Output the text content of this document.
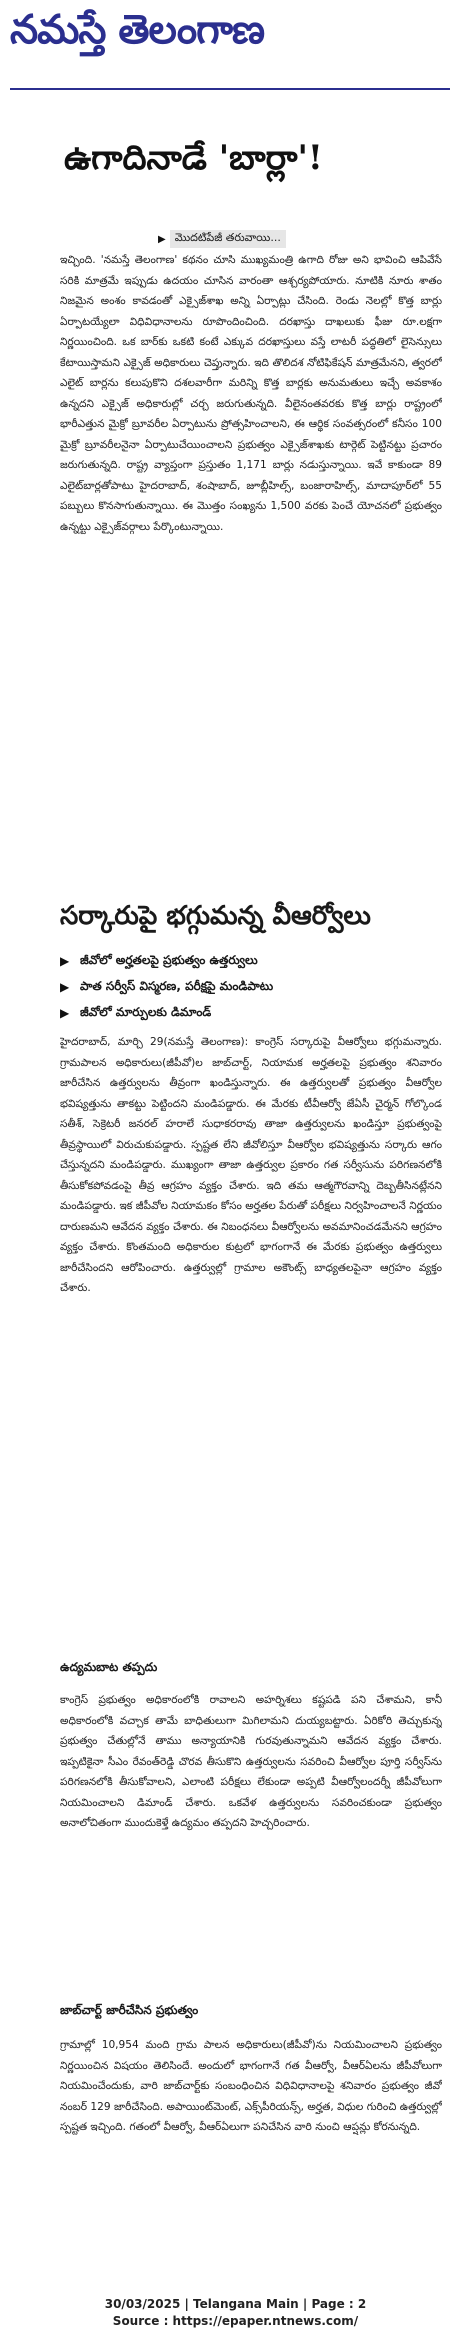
నమస్తే తెలంగాణ
ఉగాదినాడే 'బార్లా'!
▶ మొదటిపేజీ తరువాయి...
ఇచ్చింది. 'నమస్తే తెలంగాణ' కథనం చూసి ముఖ్యమంత్రి ఉగాది రోజు అని భావించి ఆపివేసే సరికి మాత్రమే ఇప్పుడు ఉదయం చూసిన వారంతా ఆశ్చర్యపోయారు. నూటికి నూరు శాతం నిజమైన అంశం కావడంతో ఎక్సైజ్‌శాఖ అన్ని ఏర్పాట్లు చేసింది. రెండు నెలల్లో కొత్త బార్లు ఏర్పాటయ్యేలా విధివిధానాలను రూపొందించింది. దరఖాస్తు దాఖలుకు ఫీజు రూ.లక్షగా నిర్ణయించింది. ఒక బార్‌కు ఒకటి కంటే ఎక్కువ దరఖాస్తులు వస్తే లాటరీ పద్ధతిలో లైసెన్సులు కేటాయిస్తామని ఎక్సైజ్ అధికారులు చెప్తున్నారు. ఇది తొలిదశ నోటిఫికేషన్ మాత్రమేనని, త్వరలో ఎలైట్ బార్లను కలుపుకొని దశలవారీగా మరిన్ని కొత్త బార్లకు అనుమతులు ఇచ్చే అవకాశం ఉన్నదని ఎక్సైజ్ అధికారుల్లో చర్చ జరుగుతున్నది. వీలైనంతవరకు కొత్త బార్లు రాష్ట్రంలో భారీఎత్తున మైక్రో బ్రూవరీల ఏర్పాటును ప్రోత్సహించాలని, ఈ ఆర్థిక సంవత్సరంలో కనీసం 100 మైక్రో బ్రూవరీలనైనా ఏర్పాటుచేయించాలని ప్రభుత్వం ఎక్సైజ్‌శాఖకు టార్గెట్ పెట్టినట్టు ప్రచారం జరుగుతున్నది. రాష్ట్ర వ్యాప్తంగా ప్రస్తుతం 1,171 బార్లు నడుస్తున్నాయి. ఇవే కాకుండా 89 ఎలైట్‌బార్లతోపాటు హైదరాబాద్, శంషాబాద్, జూబ్లీహిల్స్, బంజారాహిల్స్, మాదాపూర్‌లో 55 పబ్బులు కొనసాగుతున్నాయి. ఈ మొత్తం సంఖ్యను 1,500 వరకు పెంచే యోచనలో ప్రభుత్వం ఉన్నట్టు ఎక్సైజ్‌వర్గాలు పేర్కొంటున్నాయి.
సర్కారుపై భగ్గుమన్న వీఆర్వోలు
▶ జీవోలో అర్హతలపై ప్రభుత్వం ఉత్తర్వులు
▶ పాత సర్వీస్ విస్మరణ, పరీక్షపై మండిపాటు
▶ జీవోలో మార్పులకు డిమాండ్
హైదరాబాద్, మార్చి 29(నమస్తే తెలంగాణ): కాంగ్రెస్ సర్కారుపై వీఆర్వోలు భగ్గుమన్నారు. గ్రామపాలన అధికారులు(జీపీవో)ల జాబ్‌చార్ట్, నియామక అర్హతలపై ప్రభుత్వం శనివారం జారీచేసిన ఉత్తర్వులను తీవ్రంగా ఖండిస్తున్నారు. ఈ ఉత్తర్వులతో ప్రభుత్వం వీఆర్వోల భవిష్యత్తును తాకట్టు పెట్టిందని మండిపడ్డారు. ఈ మేరకు టీవీఆర్వో జేఏసీ చైర్మన్ గోల్కొండ సతీశ్, సెక్రెటరీ జనరల్ హరాలే సుధాకరరావు తాజా ఉత్తర్వులను ఖండిస్తూ ప్రభుత్వంపై తీవ్రస్థాయిలో విరుచుకుపడ్డారు. స్పష్టత లేని జీవోలిస్తూ వీఆర్వోల భవిష్యత్తును సర్కారు ఆగం చేస్తున్నదని మండిపడ్డారు. ముఖ్యంగా తాజా ఉత్తర్వుల ప్రకారం గత సర్వీసును పరిగణనలోకి తీసుకోకపోవడంపై తీవ్ర ఆగ్రహం వ్యక్తం చేశారు. ఇది తమ ఆత్మగౌరవాన్ని దెబ్బతీసినట్లేనని మండిపడ్డారు. ఇక జీపీవోల నియామకం కోసం అర్హతల పేరుతో పరీక్షలు నిర్వహించాలనే నిర్ణయం దారుణమని ఆవేదన వ్యక్తం చేశారు. ఈ నిబంధనలు వీఆర్వోలను అవమానించడమేనని ఆగ్రహం వ్యక్తం చేశారు. కొంతమంది అధికారుల కుట్రలో భాగంగానే ఈ మేరకు ప్రభుత్వం ఉత్తర్వులు జారీచేసిందని ఆరోపించారు. ఉత్తర్వుల్లో గ్రామాల అకౌంట్స్ బాధ్యతలపైనా ఆగ్రహం వ్యక్తం చేశారు.
ఉద్యమబాట తప్పదు
కాంగ్రెస్ ప్రభుత్వం అధికారంలోకి రావాలని అహర్నిశలు కష్టపడి పని చేశామని, కానీ అధికారంలోకి వచ్చాక తామే బాధితులుగా మిగిలామని దుయ్యబట్టారు. ఏరికోరి తెచ్చుకున్న ప్రభుత్వం చేతుల్లోనే తాము అన్యాయానికి గురవుతున్నామని ఆవేదన వ్యక్తం చేశారు. ఇప్పటికైనా సీఎం రేవంత్‌రెడ్డి చొరవ తీసుకొని ఉత్తర్వులను సవరించి వీఆర్వోల పూర్తి సర్వీస్‌ను పరిగణనలోకి తీసుకోవాలని, ఎలాంటి పరీక్షలు లేకుండా అప్పటి వీఆర్వోలందర్నీ జీపీవోలుగా నియమించాలని డిమాండ్ చేశారు. ఒకవేళ ఉత్తర్వులను సవరించకుండా ప్రభుత్వం అనాలోచితంగా ముందుకెళ్తే ఉద్యమం తప్పదని హెచ్చరించారు.
జాబ్‌చార్ట్ జారీచేసిన ప్రభుత్వం
గ్రామాల్లో 10,954 మంది గ్రామ పాలన అధికారులు(జీపీవో)ను నియమించాలని ప్రభుత్వం నిర్ణయించిన విషయం తెలిసిందే. అందులో భాగంగానే గత వీఆర్వో, వీఆర్‌ఏలను జీపీవోలుగా నియమించేందుకు, వారి జాబ్‌చార్ట్‌కు సంబంధించిన విధివిధానాలపై శనివారం ప్రభుత్వం జీవో నంబర్ 129 జారీచేసింది. అపాయింట్‌మెంట్, ఎక్స్‌పీరియన్స్, అర్హత, విధుల గురించి ఉత్తర్వుల్లో స్పష్టత ఇచ్చింది. గతంలో వీఆర్వో, వీఆర్‌ఏలుగా పనిచేసిన వారి నుంచి ఆప్షన్లు కోరనున్నది.
30/03/2025 | Telangana Main | Page : 2
Source : https://epaper.ntnews.com/
